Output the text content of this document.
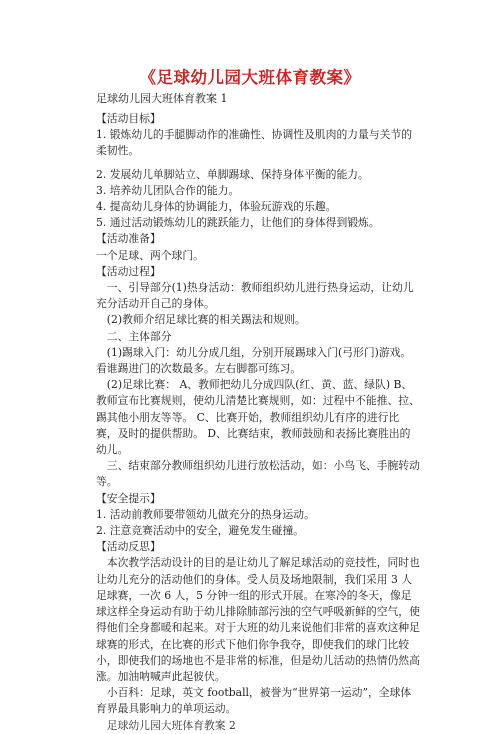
《足球幼儿园大班体育教案》
足球幼儿园大班体育教案 1

【活动目标】

1. 锻炼幼儿的手腿脚动作的准确性、协调性及肌肉的力量与关节的柔韧性。

2. 发展幼儿单脚站立、单脚踢球、保持身体平衡的能力。

3. 培养幼儿团队合作的能力。

4. 提高幼儿身体的协调能力，体验玩游戏的乐趣。

5. 通过活动锻炼幼儿的跳跃能力，让他们的身体得到锻炼。

【活动准备】

一个足球、两个球门。

【活动过程】

一、引导部分(1)热身活动：教师组织幼儿进行热身运动，让幼儿充分活动开自己的身体。

(2)教师介绍足球比赛的相关踢法和规则。

二、主体部分

(1)踢球入门：幼儿分成几组，分别开展踢球入门(弓形门)游戏。看谁踢进门的次数最多。左右脚都可练习。

(2)足球比赛： A、教师把幼儿分成四队(红、黄、蓝、绿队) B、教师宣布比赛规则，使幼儿清楚比赛规则，如：过程中不能推、拉、踢其他小朋友等等。 C、比赛开始，教师组织幼儿有序的进行比赛，及时的提供帮助。 D、比赛结束，教师鼓励和表扬比赛胜出的幼儿。

三、结束部分教师组织幼儿进行放松活动，如：小鸟飞、手腕转动等。

【安全提示】

1. 活动前教师要带领幼儿做充分的热身运动。

2. 注意竞赛活动中的安全，避免发生碰撞。

【活动反思】

本次教学活动设计的目的是让幼儿了解足球活动的竞技性，同时也让幼儿充分的活动他们的身体。受人员及场地限制，我们采用 3 人足球赛，一次 6 人，5 分钟一组的形式开展。在寒冷的冬天，像足球这样全身运动有助于幼儿排除肺部污浊的空气呼吸新鲜的空气，使得他们全身都暖和起来。对于大班的幼儿来说他们非常的喜欢这种足球赛的形式，在比赛的形式下他们你争我夺，即使我们的球门比较小，即使我们的场地也不是非常的标准，但是幼儿活动的热情仍然高涨。加油呐喊声此起彼伏。

小百科：足球，英文 football，被誉为“世界第一运动”，全球体育界最具影响力的单项运动。

足球幼儿园大班体育教案 2
